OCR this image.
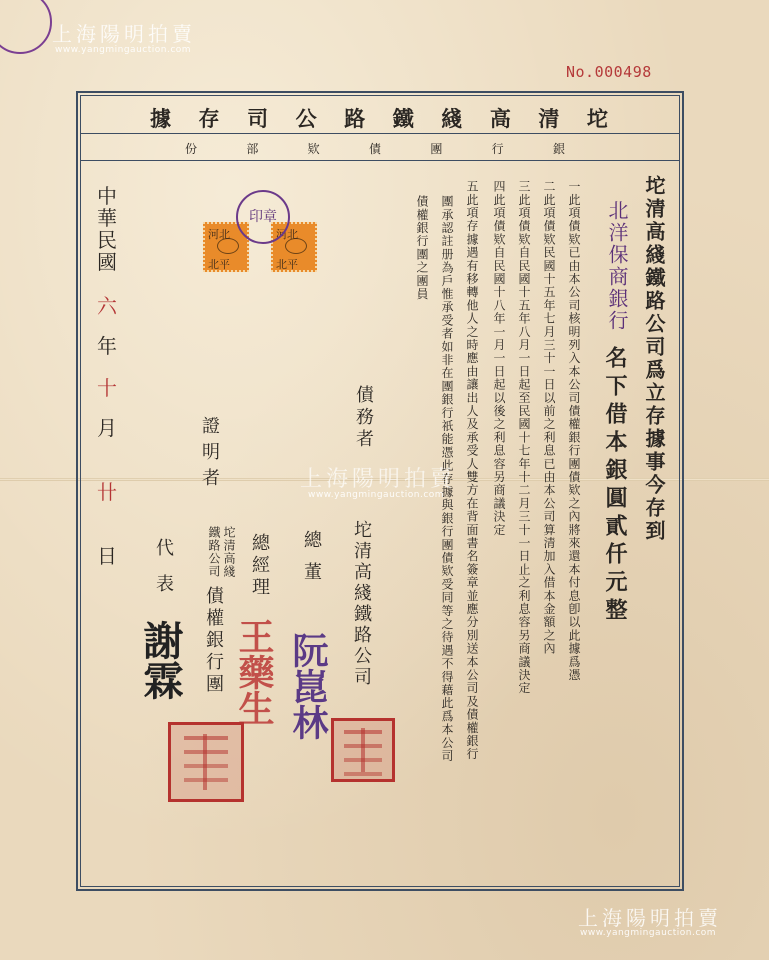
No.000498
坨
清
高
綫
鐵
路
公
司
存
據
銀
行
團
債
欵
部
份
坨清高綫鐵路公司爲立存據事今存到
北洋保商銀行
名下借本銀圓貳仟元整
一此項債欵已由本公司核明列入本公司債權銀行團債欵之內將來還本付息卽以此據爲憑
二此項債欵民國十五年七月三十一日以前之利息已由本公司算清加入借本金額之內
三此項債欵自民國十五年八月一日起至民國十七年十二月三十一日止之利息容另商議決定
四此項債欵自民國十八年一月一日起以後之利息容另商議決定
五此項存據遇有移轉他人之時應由讓出人及承受人雙方在背面書名簽章並應分別送本公司及債權銀行
團承認註册為戶惟承受者如非在團銀行祇能憑此存據與銀行團債欵受同等之待遇不得藉此爲本公司
債權銀行團之團員
中
華
民
國
六
年
十
月
卄
日
河北
北平
河北
北平
印章
債務者
坨清高綫鐵路公司
總董
阮崑林
證明者
坨清高綫
鐵路公司
債權銀行團
總經理
王藥生
代表
謝霖
上海陽明拍賣
www.yangmingauction.com
上海陽明拍賣
www.yangmingauction.com
上海陽明拍賣
www.yangmingauction.com
